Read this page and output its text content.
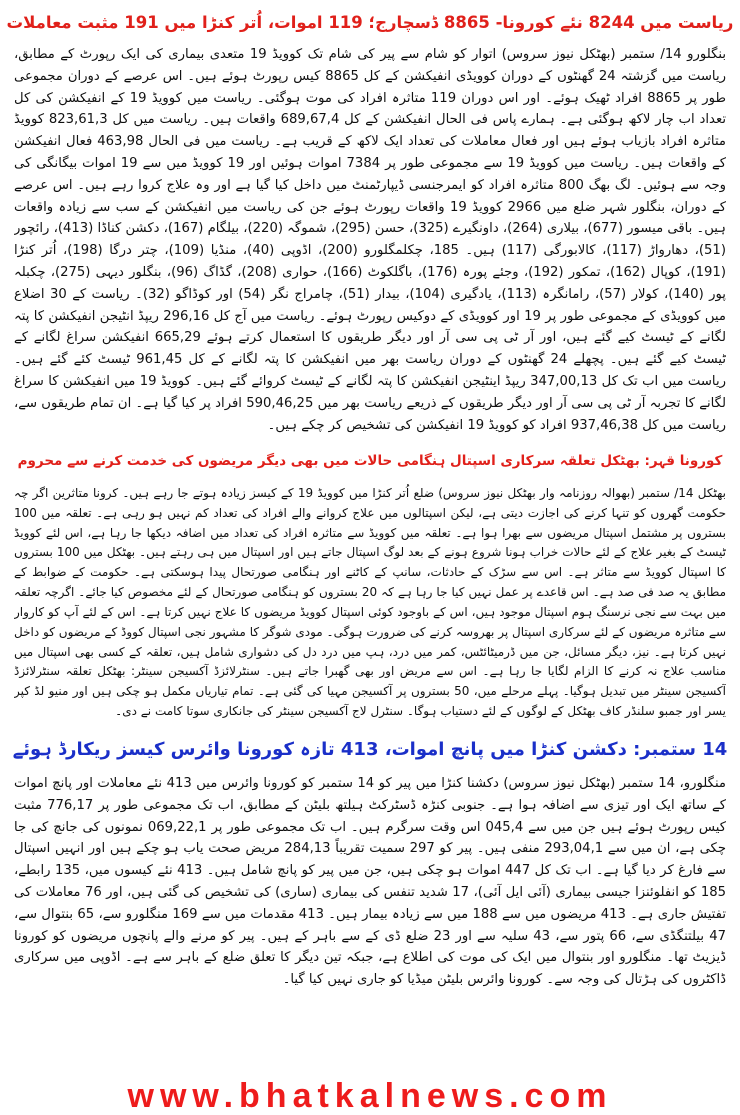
ریاست میں 8244 نئے کورونا- 8865 ڈسچارج؛ 119 اموات، اُتر کنڑا میں 191 مثبت معاملات

بنگلورو 14/ ستمبر (بھٹکل نیوز سروس) اتوار کو شام سے پیر کی شام تک کوویڈ 19 متعدی بیماری کی ایک رپورٹ کے مطابق، ریاست میں گزشتہ 24 گھنٹوں کے دوران کوویڈی انفیکشن کے کل 8865 کیس رپورٹ ہوئے ہیں۔ اس عرصے کے دوران مجموعی طور پر 8865 افراد ٹھیک ہوئے۔ اور اس دوران 119 متاثرہ افراد کی موت ہوگئی۔ ریاست میں کوویڈ 19 کے انفیکشن کی کل تعداد اب چار لاکھ ہوگئی ہے۔ ہمارے پاس فی الحال انفیکشن کے کل 689,67,4 واقعات ہیں۔ ریاست میں کل 823,61,3 کوویڈ متاثرہ افراد بازیاب ہوئے ہیں اور فعال معاملات کی تعداد ایک لاکھ کے قریب ہے۔ ریاست میں فی الحال 463,98 فعال انفیکشن کے واقعات ہیں۔ ریاست میں کوویڈ 19 سے مجموعی طور پر 7384 اموات ہوئیں اور 19 کوویڈ میں سے 19 اموات بیگانگی کی وجہ سے ہوئیں۔ لگ بھگ 800 متاثرہ افراد کو ایمرجنسی ڈیپارٹمنٹ میں داخل کیا گیا ہے اور وہ علاج کروا رہے ہیں۔ اس عرصے کے دوران، بنگلور شہر ضلع میں 2966 کوویڈ 19 واقعات رپورٹ ہوئے جن کی ریاست میں انفیکشن کے سب سے زیادہ واقعات ہیں۔ باقی میسور (677)، بیلاری (264)، داونگیرے (325)، حسن (295)، شموگہ (220)، بیلگام (167)، دکشن کناڈا (413)، رائچور (51)، دھارواڑ (117)، کالابورگی (117) ہیں۔ 185، چکلمگلورو (200)، اڈوپی (40)، منڈیا (109)، چتر درگا (198)، اُتر کنڑا (191)، کوپال (162)، تمکور (192)، وجئے پورہ (176)، باگلکوٹ (166)، حواری (208)، گڈاگ (96)، بنگلور دیہی (275)، چکبلہ پور (140)، کولار (57)، رامانگرہ (113)، یادگیری (104)، بیدار (51)، چامراج نگر (54) اور کوڈاگو (32)۔ ریاست کے 30 اضلاع میں کوویڈی کے مجموعی طور پر 19 اور کوویڈی کے دوکیس رپورٹ ہوئے۔ ریاست میں آج کل 296,16 ریپڈ انٹیجن انفیکشن کا پتہ لگانے کے ٹیسٹ کیے گئے ہیں، اور آر ٹی پی سی آر اور دیگر طریقوں کا استعمال کرتے ہوئے 665,29 انفیکشن سراغ لگانے کے ٹیسٹ کیے گئے ہیں۔ پچھلے 24 گھنٹوں کے دوران ریاست بھر میں انفیکشن کا پتہ لگانے کے کل 961,45 ٹیسٹ کئے گئے ہیں۔ ریاست میں اب تک کل 347,00,13 ریپڈ اینٹیجن انفیکشن کا پتہ لگانے کے ٹیسٹ کروائے گئے ہیں۔ کوویڈ 19 میں انفیکشن کا سراغ لگانے کا تجربہ آر ٹی پی سی آر اور دیگر طریقوں کے ذریعے ریاست بھر میں 590,46,25 افراد پر کیا گیا ہے۔ ان تمام طریقوں سے، ریاست میں کل 937,46,38 افراد کو کوویڈ 19 انفیکشن کی تشخیص کر چکے ہیں۔

کورونا قہر: بھٹکل تعلقہ سرکاری اسپتال ہنگامی حالات میں بھی دیگر مریضوں کی خدمت کرنے سے محروم

بھٹکل 14/ ستمبر (بھوالہ روزنامہ وار بھٹکل نیوز سروس) ضلع اُتر کنڑا میں کوویڈ 19 کے کیسز زیادہ ہوتے جا رہے ہیں۔ کرونا متاثرین اگر چہ حکومت گھروں کو تنہا کرنے کی اجازت دیتی ہے، لیکن اسپتالوں میں علاج کروانے والے افراد کی تعداد کم نہیں ہو رہی ہے۔ تعلقہ میں 100 بستروں پر مشتمل اسپتال مریضوں سے بھرا ہوا ہے۔ تعلقہ میں کوویڈ سے متاثرہ افراد کی تعداد میں اضافہ دیکھا جا رہا ہے، اس لئے کوویڈ ٹیسٹ کے بغیر علاج کے لئے حالات خراب ہونا شروع ہونے کے بعد لوگ اسپتال جاتے ہیں اور اسپتال میں ہی رہتے ہیں۔ بھٹکل میں 100 بستروں کا اسپتال کوویڈ سے متاثر ہے۔ اس سے سڑک کے حادثات، سانپ کے کاٹنے اور ہنگامی صورتحال پیدا ہوسکتی ہے۔ حکومت کے ضوابط کے مطابق یہ صد فی صد ہے۔ اس قاعدے پر عمل نہیں کیا جا رہا ہے کہ 20 بستروں کو ہنگامی صورتحال کے لئے مخصوص کیا جائے۔ اگرچہ تعلقہ میں بہت سے نجی نرسنگ ہوم اسپتال موجود ہیں، اس کے باوجود کوئی اسپتال کوویڈ مریضوں کا علاج نہیں کرتا ہے۔ اس کے لئے آپ کو کاروار سے متاثرہ مریضوں کے لئے سرکاری اسپتال پر بھروسہ کرنے کی ضرورت ہوگی۔ مودی شوگر کا مشہور نجی اسپتال کووڈ کے مریضوں کو داخل نہیں کرتا ہے۔ نیز، دیگر مسائل، جن میں ڈرمیٹائٹس، کمر میں درد، ہپ میں درد دل کی دشواری شامل ہیں، تعلقہ کے کسی بھی اسپتال میں مناسب علاج نہ کرنے کا الزام لگایا جا رہا ہے۔ اس سے مریض اور بھی گھبرا جاتے ہیں۔ سنٹرلائزڈ آکسیجن سینٹر: بھٹکل تعلقہ سنٹرلائزڈ آکسیجن سینٹر میں تبدیل ہوگیا۔ پہلے مرحلے میں، 50 بستروں پر آکسیجن مہیا کی گئی ہے۔ تمام تیاریاں مکمل ہو چکی ہیں اور منیو لڈ کپر یسر اور جمبو سلنڈر کاف بھٹکل کے لوگوں کے لئے دستیاب ہوگا۔ سنٹرل لاج آکسیجن سینٹر کی جانکاری سوتا کامت نے دی۔

14 ستمبر: دکشن کنڑا میں پانچ اموات، 413 تازہ کورونا وائرس کیسز ریکارڈ ہوئے

منگلورو، 14 ستمبر (بھٹکل نیوز سروس) دکشنا کنڑا میں پیر کو 14 ستمبر کو کورونا وائرس میں 413 نئے معاملات اور پانچ اموات کے ساتھ ایک اور تیزی سے اضافہ ہوا ہے۔ جنوبی کنڑہ ڈسٹرکٹ ہیلتھ بلیٹن کے مطابق، اب تک مجموعی طور پر 776,17 مثبت کیس رپورٹ ہوئے ہیں جن میں سے 045,4 اس وقت سرگرم ہیں۔ اب تک مجموعی طور پر 069,22,1 نمونوں کی جانچ کی جا چکی ہے، ان میں سے 293,04,1 منفی ہیں۔ پیر کو 297 سمیت تقریباً 284,13 مریض صحت یاب ہو چکے ہیں اور انہیں اسپتال سے فارغ کر دیا گیا ہے۔ اب تک کل 447 اموات ہو چکی ہیں، جن میں پیر کو پانچ شامل ہیں۔ 413 نئے کیسوں میں، 135 رابطے، 185 کو انفلوئنزا جیسی بیماری (آئی ایل آئی)، 17 شدید تنفس کی بیماری (ساری) کی تشخیص کی گئی ہیں، اور 76 معاملات کی تفتیش جاری ہے۔ 413 مریضوں میں سے 188 میں سے زیادہ بیمار ہیں۔ 413 مقدمات میں سے 169 منگلورو سے، 65 بنتوال سے، 47 بیلتنگڈی سے، 66 پتور سے، 43 سلیہ سے اور 23 ضلع ڈی کے سے باہر کے ہیں۔ پیر کو مرنے والے پانچوں مریضوں کو کورونا ڈیزیٹ تھا۔ منگلورو اور بنتوال میں ایک کی موت کی اطلاع ہے، جبکہ تین دیگر کا تعلق ضلع کے باہر سے ہے۔ اڈوپی میں سرکاری ڈاکٹروں کی ہڑتال کی وجہ سے۔ کورونا وائرس بلیٹن میڈیا کو جاری نہیں کیا گیا۔

www.bhatkalnews.com
